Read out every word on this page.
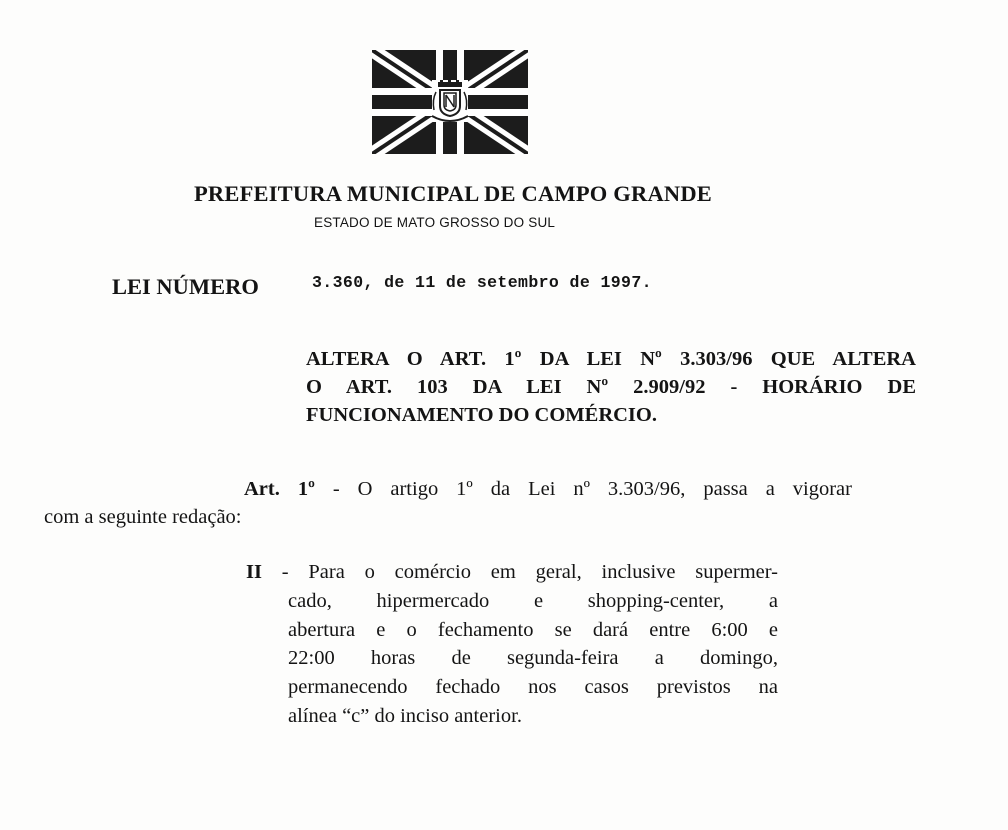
PREFEITURA MUNICIPAL DE CAMPO GRANDE
ESTADO DE MATO GROSSO DO SUL
LEI NÚMERO	3.360, de 11 de setembro de 1997.
ALTERA O ART. 1º DA LEI Nº 3.303/96 QUE ALTERA
O ART. 103 DA LEI Nº 2.909/92 - HORÁRIO DE
FUNCIONAMENTO DO COMÉRCIO.
Art. 1º - O artigo 1º da Lei nº 3.303/96, passa a vigorar
com a seguinte redação:
II - Para o comércio em geral, inclusive supermer-
cado, hipermercado e shopping-center, a
abertura e o fechamento se dará entre 6:00 e
22:00 horas de segunda-feira a domingo,
permanecendo fechado nos casos previstos na
alínea “c” do inciso anterior.
